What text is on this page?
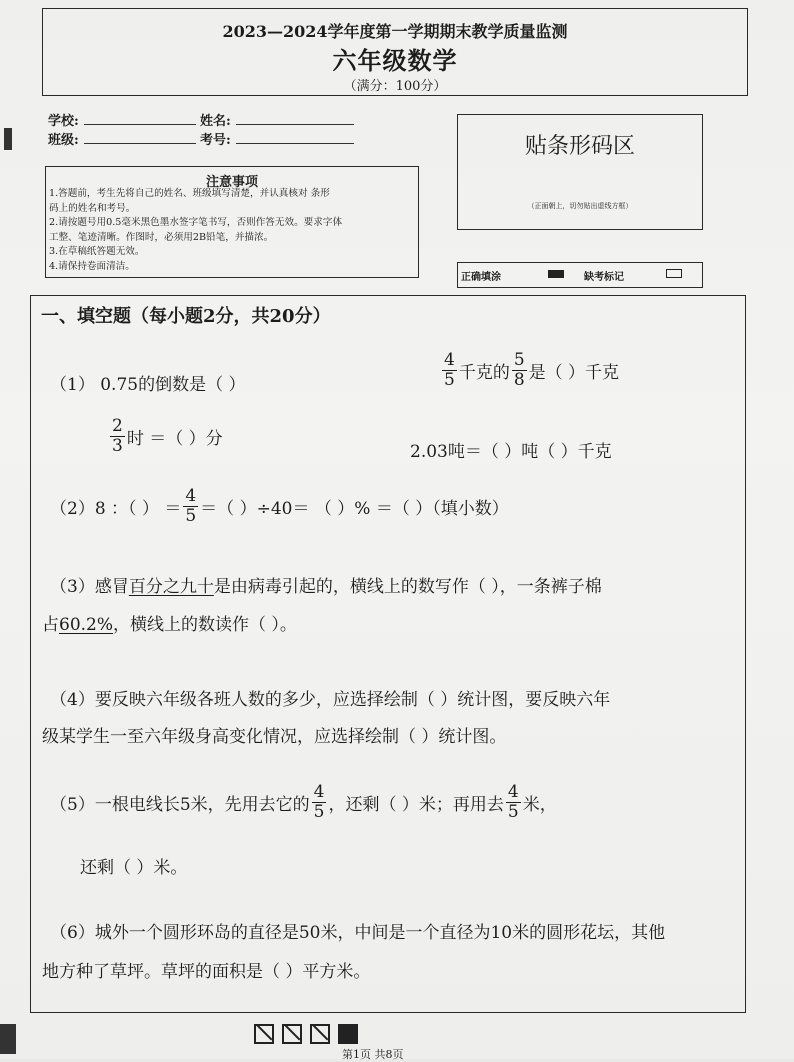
2023—2024学年度第一学期期末教学质量监测
六年级数学
（满分：100分）
学校:	姓名:
班级:	考号:
注意事项
1.答题前，考生先将自己的姓名、班级填写清楚，并认真核对 条形
码上的姓名和考号。
2.请按题号用0.5毫米黑色墨水签字笔书写，否则作答无效。要求字体
工整、笔迹清晰。作图时，必须用2B铅笔，并描浓。
3.在草稿纸答题无效。
4.请保持卷面清洁。
贴条形码区
（正面朝上，切勿贴出虚线方框）
正确填涂	缺考标记
一、填空题（每小题2分，共20分）
（1） 0.75的倒数是（ ）	$\frac{4}{5}$ 千克的 $\frac{5}{8}$ 是（ ）千克
$\frac{2}{3}$ 时 ＝（ ）分
2.03吨＝（ ）吨（ ）千克
（2）8 ：（ ） ＝ $\frac{4}{5}$ ＝（ ）÷40＝ （ ）% ＝（ ）（填小数）
（3）感冒百分之九十是由病毒引起的，横线上的数写作（ ），一条裤子棉
占60.2%，横线上的数读作（ ）。
（4）要反映六年级各班人数的多少，应选择绘制（ ）统计图，要反映六年
级某学生一至六年级身高变化情况，应选择绘制（ ）统计图。
（5）一根电线长5米，先用去它的 $\frac{4}{5}$ ，还剩（ ）米；再用去 $\frac{4}{5}$ 米，
还剩（ ）米。
（6）城外一个圆形环岛的直径是50米，中间是一个直径为10米的圆形花坛，其他
地方种了草坪。草坪的面积是（ ）平方米。
第1页 共8页
